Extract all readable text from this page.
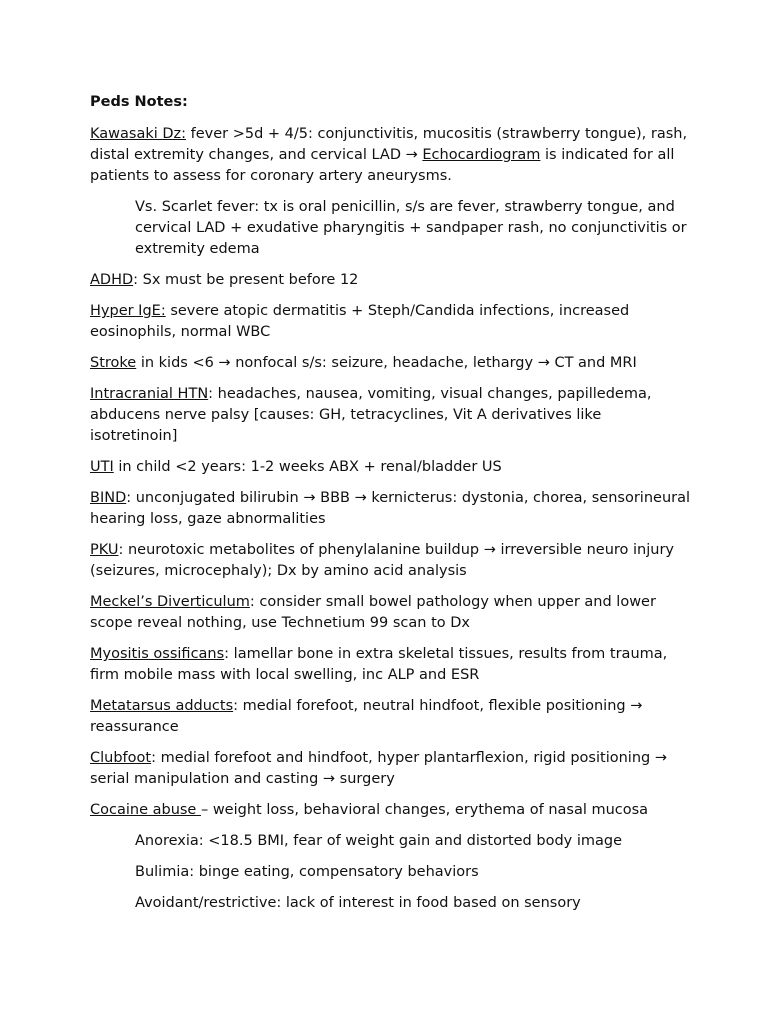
Peds Notes:

Kawasaki Dz: fever >5d + 4/5: conjunctivitis, mucositis (strawberry tongue), rash, distal extremity changes, and cervical LAD → Echocardiogram is indicated for all patients to assess for coronary artery aneurysms.

Vs. Scarlet fever: tx is oral penicillin, s/s are fever, strawberry tongue, and cervical LAD + exudative pharyngitis + sandpaper rash, no conjunctivitis or extremity edema

ADHD: Sx must be present before 12

Hyper IgE: severe atopic dermatitis + Steph/Candida infections, increased eosinophils, normal WBC

Stroke in kids <6 → nonfocal s/s: seizure, headache, lethargy → CT and MRI

Intracranial HTN: headaches, nausea, vomiting, visual changes, papilledema, abducens nerve palsy [causes: GH, tetracyclines, Vit A derivatives like isotretinoin]

UTI in child <2 years: 1-2 weeks ABX + renal/bladder US

BIND: unconjugated bilirubin → BBB → kernicterus: dystonia, chorea, sensorineural hearing loss, gaze abnormalities

PKU: neurotoxic metabolites of phenylalanine buildup → irreversible neuro injury (seizures, microcephaly); Dx by amino acid analysis

Meckel’s Diverticulum: consider small bowel pathology when upper and lower scope reveal nothing, use Technetium 99 scan to Dx

Myositis ossificans: lamellar bone in extra skeletal tissues, results from trauma, firm mobile mass with local swelling, inc ALP and ESR

Metatarsus adducts: medial forefoot, neutral hindfoot, flexible positioning → reassurance

Clubfoot: medial forefoot and hindfoot, hyper plantarflexion, rigid positioning → serial manipulation and casting → surgery

Cocaine abuse – weight loss, behavioral changes, erythema of nasal mucosa

Anorexia: <18.5 BMI, fear of weight gain and distorted body image

Bulimia: binge eating, compensatory behaviors

Avoidant/restrictive: lack of interest in food based on sensory
